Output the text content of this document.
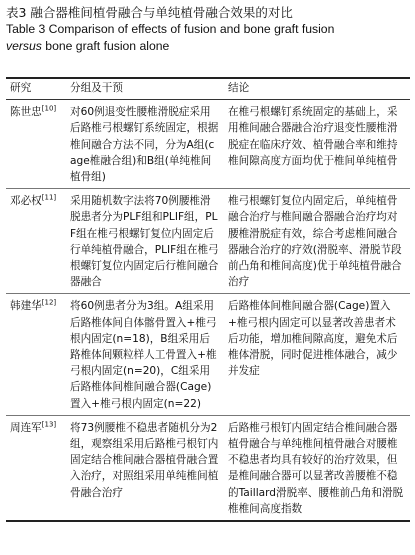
表3 融合器椎间植骨融合与单纯植骨融合效果的对比
Table 3 Comparison of effects of fusion and bone graft fusion
versus bone graft fusion alone
研究	分组及干预	结论
陈世忠[10]	对60例退变性腰椎滑脱症采用后路椎弓根螺钉系统固定，根据椎间融合方法不同，分为A组(cage椎融合组)和B组(单纯椎间植骨组)	在椎弓根螺钉系统固定的基础上，采用椎间融合器融合治疗退变性腰椎滑脱症在临床疗效、植骨融合率和维持椎间隙高度方面均优于椎间单纯植骨
邓必权[11]	采用随机数字法将70例腰椎滑脱患者分为PLF组和PLIF组，PLF组在椎弓根螺钉复位内固定后行单纯植骨融合，PLIF组在椎弓根螺钉复位内固定后行椎间融合器融合	椎弓根螺钉复位内固定后，单纯植骨融合治疗与椎间融合器融合治疗均对腰椎滑脱症有效，综合考虑椎间融合器融合治疗的疗效(滑脱率、滑脱节段前凸角和椎间高度)优于单纯植骨融合治疗
韩建华[12]	将60例患者分为3组。A组采用后路椎体间自体髂骨置入+椎弓根内固定(n=18)，B组采用后路椎体间颗粒样人工骨置入+椎弓根内固定(n=20)，C组采用后路椎体间椎间融合器(Cage)置入+椎弓根内固定(n=22)	后路椎体间椎间融合器(Cage)置入+椎弓根内固定可以显著改善患者术后功能，增加椎间隙高度，避免术后椎体滑脱，同时促进椎体融合，减少并发症
周连军[13]	将73例腰椎不稳患者随机分为2组，观察组采用后路椎弓根钉内固定结合椎间融合器植骨融合置入治疗，对照组采用单纯椎间植骨融合治疗	后路椎弓根钉内固定结合椎间融合器植骨融合与单纯椎间植骨融合对腰椎不稳患者均具有较好的治疗效果，但是椎间融合器可以显著改善腰椎不稳的Taillard滑脱率、腰椎前凸角和滑脱椎椎间高度指数
